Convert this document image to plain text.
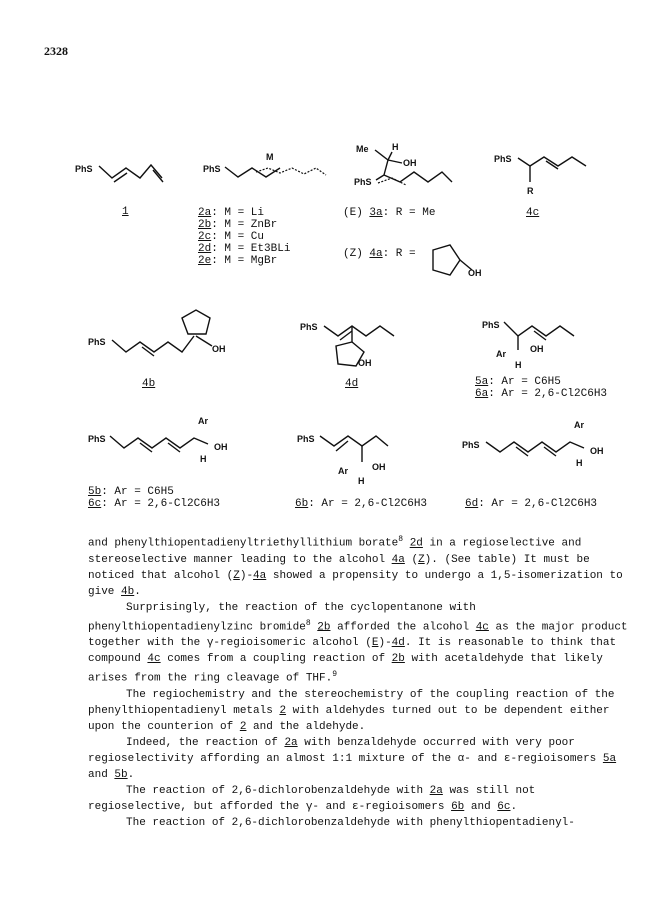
2328
PhS	PhS
M
Me	H
OH
PhS
PhS
R
OH
PhS
OH
PhS
OH
PhS
Ar	OH
H
PhS
Ar
OH
H
PhS
Ar	OH
H
PhS
Ar
OH
H
1	2a: M = Li
2b: M = ZnBr
2c: M = Cu
2d: M = Et3BLi
2e: M = MgBr
(E) 3a: R = Me
(Z) 4a: R =
4c
4b	4d	5a: Ar = C6H5
6a: Ar = 2,6-Cl2C6H3
5b: Ar = C6H5
6c: Ar = 2,6-Cl2C6H3	6b: Ar = 2,6-Cl2C6H3	6d: Ar = 2,6-Cl2C6H3

and phenylthiopentadienyltriethyllithium borate$^8$ 2d in a regioselective and stereoselective manner leading to the alcohol 4a (Z). (See table) It must be noticed that alcohol (Z)-4a showed a propensity to undergo a 1,5-isomerization to give 4b.

Surprisingly, the reaction of the cyclopentanone with phenylthiopentadienylzinc bromide$^8$ 2b afforded the alcohol 4c as the major product together with the γ-regioisomeric alcohol (E)-4d. It is reasonable to think that compound 4c comes from a coupling reaction of 2b with acetaldehyde that likely arises from the ring cleavage of THF.$^9$

The regiochemistry and the stereochemistry of the coupling reaction of the phenylthiopentadienyl metals 2 with aldehydes turned out to be dependent either upon the counterion of 2 and the aldehyde.

Indeed, the reaction of 2a with benzaldehyde occurred with very poor regioselectivity affording an almost 1:1 mixture of the α- and ε-regioisomers 5a and 5b.

The reaction of 2,6-dichlorobenzaldehyde with 2a was still not regioselective, but afforded the γ- and ε-regioisomers 6b and 6c.

The reaction of 2,6-dichlorobenzaldehyde with phenylthiopentadienyl-
